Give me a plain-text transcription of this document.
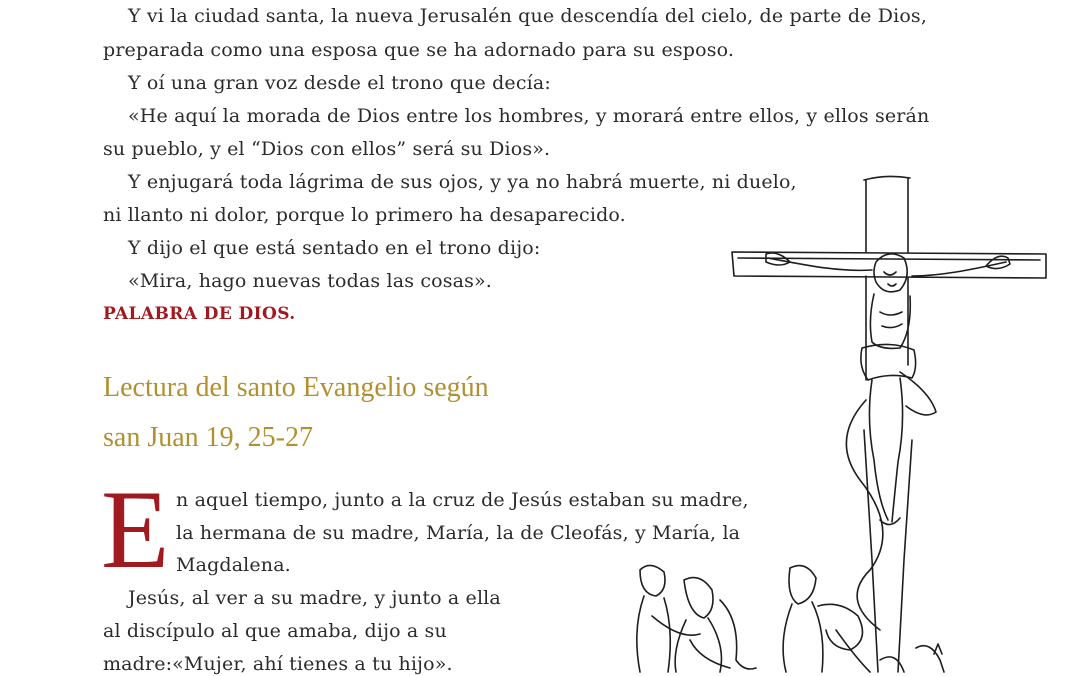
Y vi la ciudad santa, la nueva Jerusalén que descendía del cielo, de parte de Dios,
preparada como una esposa que se ha adornado para su esposo.
Y oí una gran voz desde el trono que decía:
«He aquí la morada de Dios entre los hombres, y morará entre ellos, y ellos serán
su pueblo, y el “Dios con ellos” será su Dios».
Y enjugará toda lágrima de sus ojos, y ya no habrá muerte, ni duelo,
ni llanto ni dolor, porque lo primero ha desaparecido.
Y dijo el que está sentado en el trono dijo:
«Mira, hago nuevas todas las cosas».
PALABRA DE DIOS.
Lectura del santo Evangelio según
san Juan 19, 25-27
E n aquel tiempo, junto a la cruz de Jesús estaban su madre,
la hermana de su madre, María, la de Cleofás, y María, la
Magdalena.
Jesús, al ver a su madre, y junto a ella
al discípulo al que amaba, dijo a su
madre:«Mujer, ahí tienes a tu hijo».
